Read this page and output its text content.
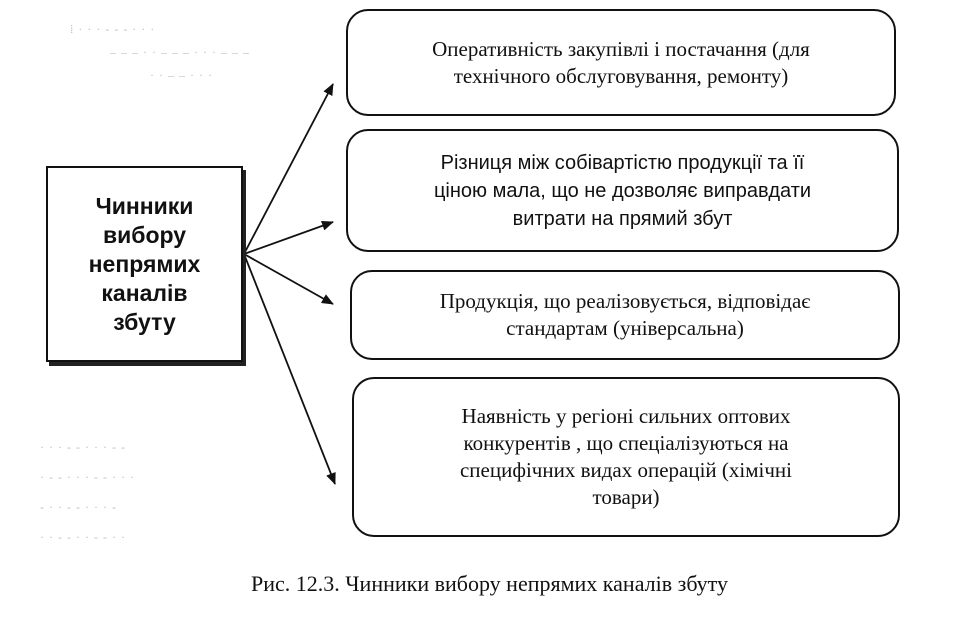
⁞ · · · ‐ ‐ ‐ · · ·
– – – · · – – – · · · – – –
· · – – · · ·
· · · ‐ ‐ · · · ‐ ‐
· ‐ ‐ · · · ‐ ‐ · · ·
‐ · · ‐ ‐ · · · ‐
· · ‐ ‐ · · ‐ ‐ · ·
Чинники
вибору
непрямих
каналів
збуту
Оперативність закупівлі і постачання (для
технічного обслуговування, ремонту)
Різниця між собівартістю продукції та її
ціною мала, що не дозволяє виправдати
витрати на прямий збут
Продукція, що реалізовується, відповідає
стандартам (універсальна)
Наявність у регіоні сильних оптових
конкурентів , що спеціалізуються на
специфічних видах операцій (хімічні
товари)
Рис. 12.3. Чинники вибору непрямих каналів збуту
